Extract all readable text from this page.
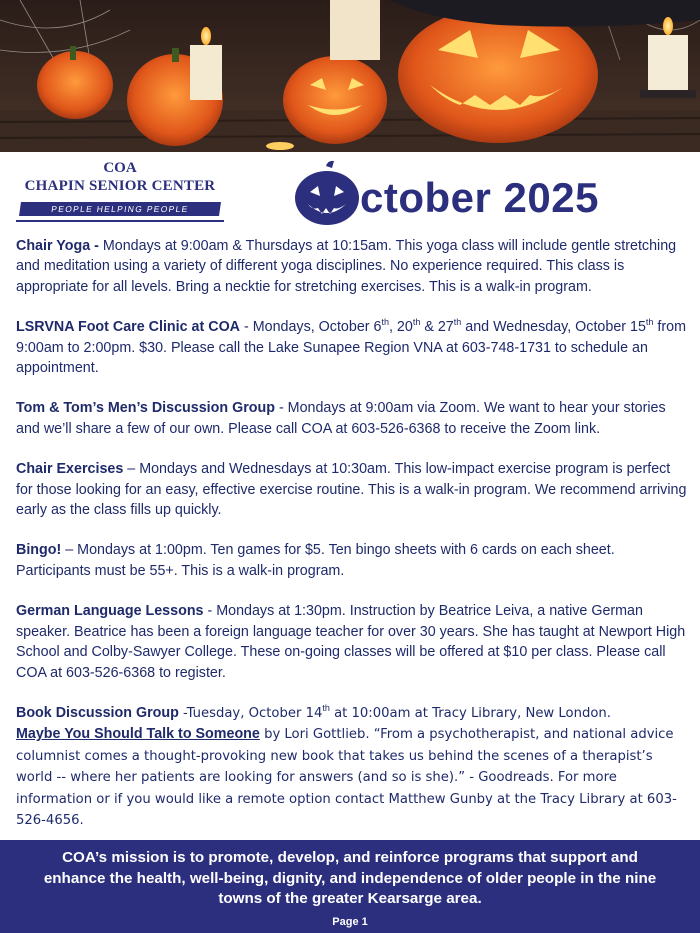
COA
CHAPIN SENIOR CENTER
PEOPLE HELPING PEOPLE	ctober 2025

Chair Yoga - Mondays at 9:00am & Thursdays at 10:15am. This yoga class will include gentle stretching and meditation using a variety of different yoga disciplines. No experience required. This class is appropriate for all levels. Bring a necktie for stretching exercises. This is a walk-in program.

LSRVNA Foot Care Clinic at COA - Mondays, October 6th, 20th & 27th and Wednesday, October 15th from 9:00am to 2:00pm. $30. Please call the Lake Sunapee Region VNA at 603-748-1731 to schedule an appointment.

Tom & Tom’s Men’s Discussion Group - Mondays at 9:00am via Zoom. We want to hear your stories and we’ll share a few of our own. Please call COA at 603-526-6368 to receive the Zoom link.

Chair Exercises – Mondays and Wednesdays at 10:30am. This low-impact exercise program is perfect for those looking for an easy, effective exercise routine. This is a walk-in program. We recommend arriving early as the class fills up quickly.

Bingo! – Mondays at 1:00pm. Ten games for $5. Ten bingo sheets with 6 cards on each sheet. Participants must be 55+. This is a walk-in program.

German Language Lessons - Mondays at 1:30pm. Instruction by Beatrice Leiva, a native German speaker. Beatrice has been a foreign language teacher for over 30 years. She has taught at Newport High School and Colby-Sawyer College. These on-going classes will be offered at $10 per class. Please call COA at 603-526-6368 to register.

Book Discussion Group -Tuesday, October 14th at 10:00am at Tracy Library, New London.
Maybe You Should Talk to Someone by Lori Gottlieb. “From a psychotherapist, and national advice columnist comes a thought-provoking new book that takes us behind the scenes of a therapist’s world -- where her patients are looking for answers (and so is she).” - Goodreads. For more information or if you would like a remote option contact Matthew Gunby at the Tracy Library at 603-526-4656.

COA’s mission is to promote, develop, and reinforce programs that support and enhance the health, well-being, dignity, and independence of older people in the nine towns of the greater Kearsarge area.
Page 1
